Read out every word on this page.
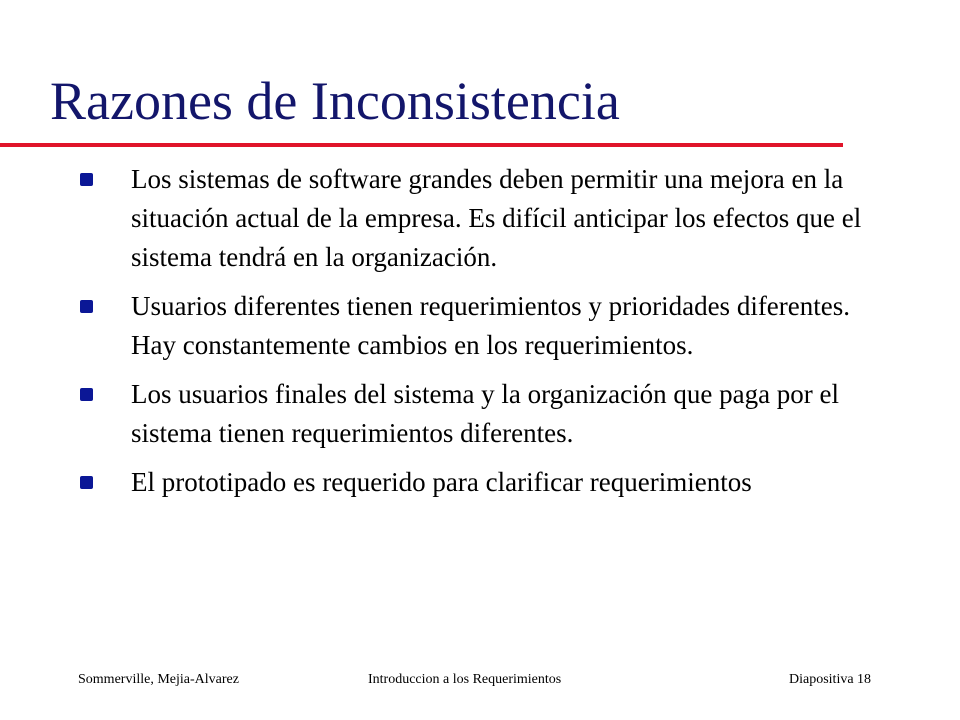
Razones de Inconsistencia
Los sistemas de software grandes deben permitir una mejora en la situación actual de la empresa. Es difícil anticipar los efectos que el sistema tendrá en la organización.
Usuarios diferentes tienen requerimientos y prioridades diferentes. Hay constantemente cambios en los requerimientos.
Los usuarios finales del sistema y la organización que paga por el sistema tienen requerimientos diferentes.
El prototipado es requerido para clarificar requerimientos
Sommerville, Mejia-Alvarez	Introduccion a los Requerimientos	Diapositiva 18
